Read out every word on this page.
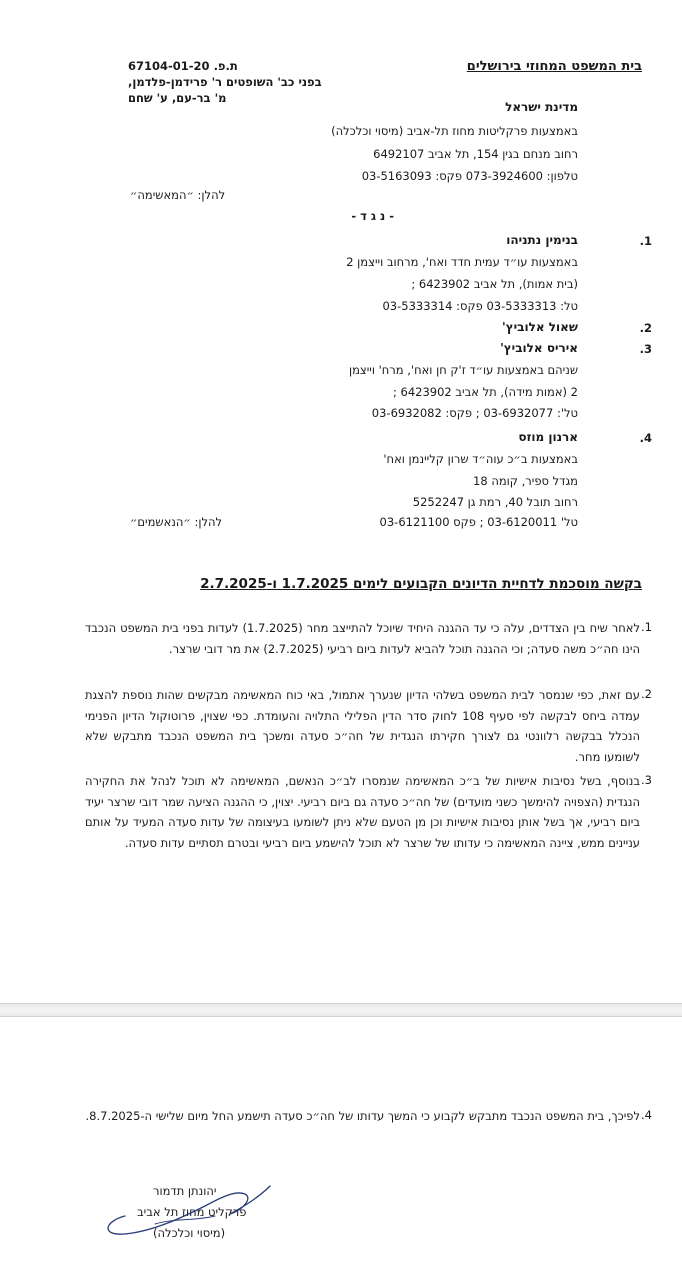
בית המשפט המחוזי בירושלים
ת.פ. 67104-01-20
בפני כב' השופטים ר' פרידמן-פלדמן,
מ' בר-עם, ע' שחם
מדינת ישראל
באמצעות פרקליטות מחוז תל-אביב (מיסוי וכלכלה)
רחוב מנחם בגין 154, תל אביב 6492107
טלפון: 073-3924600 פקס: 03-5163093
להלן: ״המאשימה״
- נ ג ד -
1.
בנימין נתניהו
באמצעות עו״ד עמית חדד ואח', מרחוב וייצמן 2
(בית אמות), תל אביב 6423902 ;
טל: 03-5333313 פקס: 03-5333314
2.
שאול אלוביץ'
3.
איריס אלוביץ'
שניהם באמצעות עו״ד ז'ק חן ואח', מרח' וייצמן
2 (אמות מידה), תל אביב 6423902 ;
טל': 03-6932077 ; פקס: 03-6932082
4.
ארנון מוזס
באמצעות ב״כ עוה״ד שרון קליינמן ואח'
מגדל ספיר, קומה 18
רחוב תובל 40, רמת גן 5252247
טל' 03-6120011 ; פקס 03-6121100
להלן: ״הנאשמים״
בקשה מוסכמת לדחיית הדיונים הקבועים לימים 1.7.2025 ו-2.7.2025
1.
לאחר שיח בין הצדדים, עלה כי עד ההגנה היחיד שיוכל להתייצב מחר (1.7.2025) לעדות בפני בית המשפט הנכבד הינו חה״כ משה סעדה; וכי ההגנה תוכל להביא לעדות ביום רביעי (2.7.2025) את מר דובי שרצר.
2.
עם זאת, כפי שנמסר לבית המשפט בשלהי הדיון שנערך אתמול, באי כוח המאשימה מבקשים שהות נוספת להצגת עמדה ביחס לבקשה לפי סעיף 108 לחוק סדר הדין הפלילי התלויה והעומדת. כפי שצוין, פרוטוקול הדיון הפנימי הנכלל בבקשה רלוונטי גם לצורך חקירתו הנגדית של חה״כ סעדה ומשכך בית המשפט הנכבד מתבקש שלא לשומעו מחר.
3.
בנוסף, בשל נסיבות אישיות של ב״כ המאשימה שנמסרו לב״כ הנאשם, המאשימה לא תוכל לנהל את החקירה הנגדית (הצפויה להימשך כשני מועדים) של חה״כ סעדה גם ביום רביעי. יצוין, כי ההגנה הציעה שמר דובי שרצר יעיד ביום רביעי, אך בשל אותן נסיבות אישיות וכן מן הטעם שלא ניתן לשומעו בעיצומה של עדות סעדה המעיד על אותם עניינים ממש, ציינה המאשימה כי עדותו של שרצר לא תוכל להישמע ביום רביעי ובטרם תסתיים עדות סעדה.
4.
לפיכך, בית המשפט הנכבד מתבקש לקבוע כי המשך עדותו של חה״כ סעדה תישמע החל מיום שלישי ה-8.7.2025.
יהונתן תדמור
פרקליט מחוז תל אביב
(מיסוי וכלכלה)
